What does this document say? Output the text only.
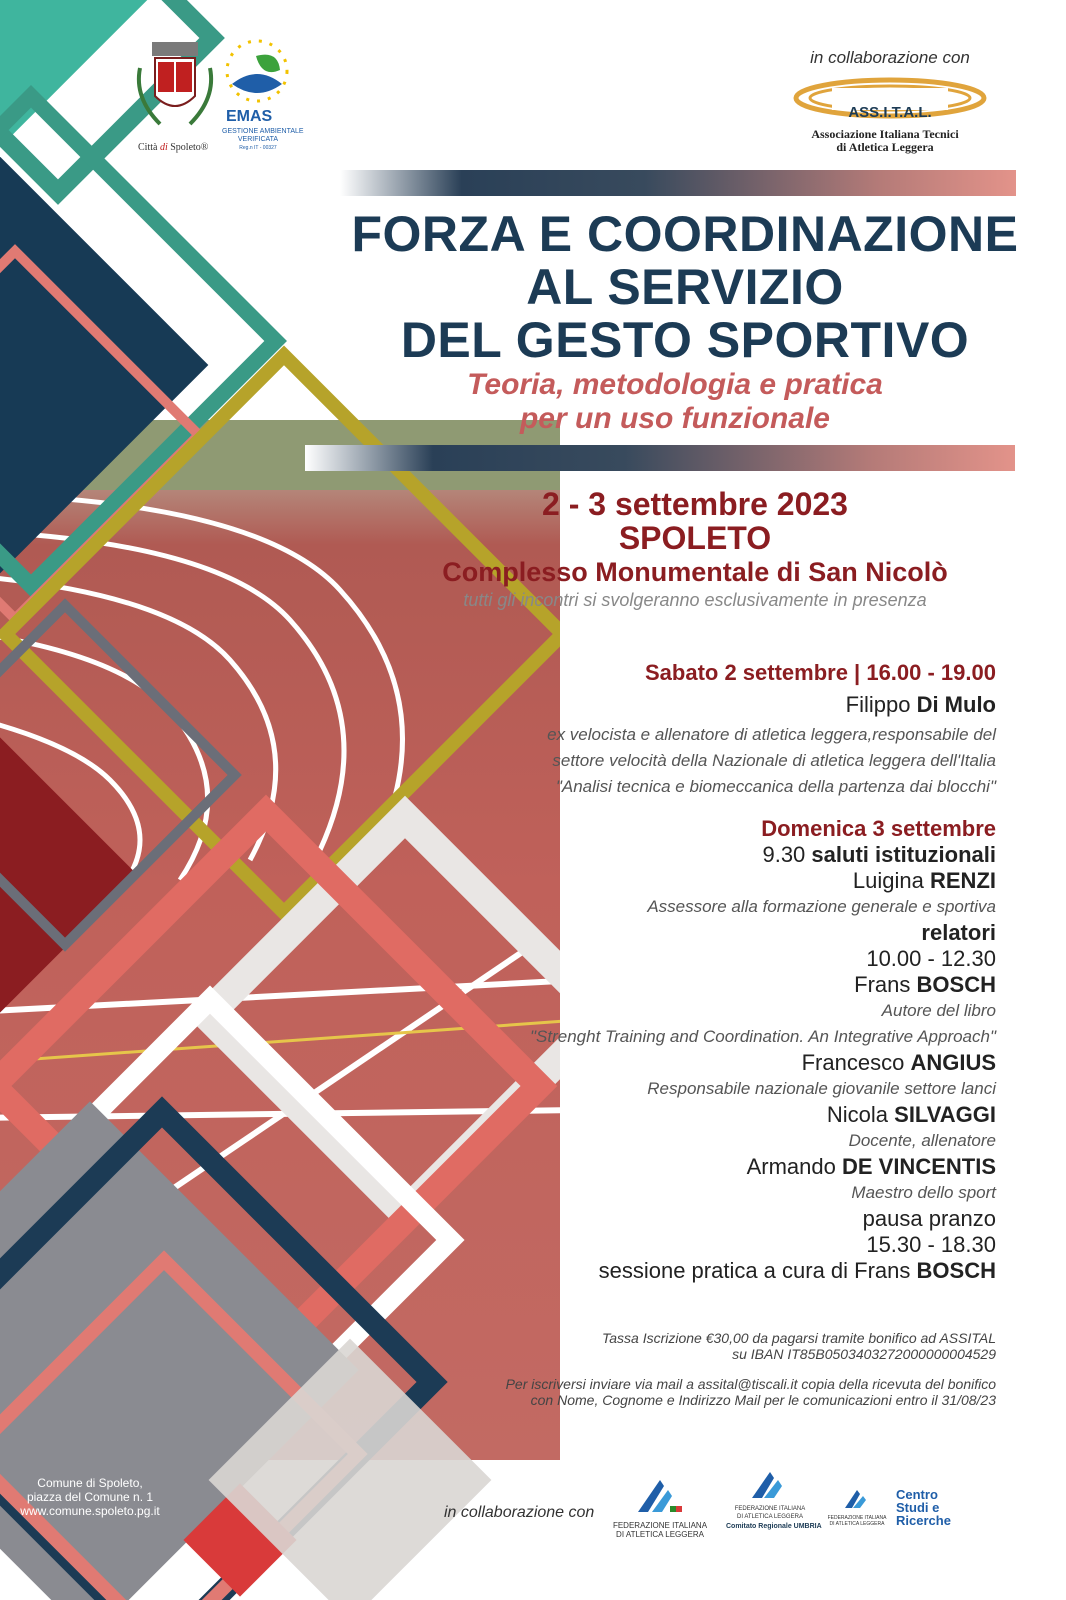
Città di Spoleto®
EMAS
GESTIONE AMBIENTALE
VERIFICATA
Reg.n IT - 00327
in collaborazione con
ASS.I.T.A.L.
Associazione Italiana Tecnici
di Atletica Leggera
FORZA E COORDINAZIONE
AL SERVIZIO
DEL GESTO SPORTIVO
Teoria, metodologia e pratica
per un uso funzionale
2 - 3 settembre 2023
SPOLETO
Complesso Monumentale di San Nicolò
tutti gli incontri si svolgeranno esclusivamente in presenza
Sabato 2 settembre | 16.00 - 19.00
Filippo Di Mulo
ex velocista e allenatore di atletica leggera,responsabile del
settore velocità della Nazionale di atletica leggera dell'Italia
"Analisi tecnica e biomeccanica della partenza dai blocchi"
Domenica 3 settembre
9.30 saluti istituzionali
Luigina RENZI
Assessore alla formazione generale e sportiva
relatori
10.00 - 12.30
Frans BOSCH
Autore del libro
"Strenght Training and Coordination. An Integrative Approach"
Francesco ANGIUS
Responsabile nazionale giovanile settore lanci
Nicola SILVAGGI
Docente, allenatore
Armando DE VINCENTIS
Maestro dello sport
pausa pranzo
15.30 - 18.30
sessione pratica a cura di Frans BOSCH
Tassa Iscrizione €30,00 da pagarsi tramite bonifico ad ASSITAL
su IBAN IT85B0503403272000000004529
Per iscriversi inviare via mail a assital@tiscali.it copia della ricevuta del bonifico
con Nome, Cognome e Indirizzo Mail per le comunicazioni entro il 31/08/23
Comune di Spoleto,
piazza del Comune n. 1
www.comune.spoleto.pg.it	in collaborazione con
FEDERAZIONE ITALIANA
DI ATLETICA LEGGERA
FEDERAZIONE ITALIANA
DI ATLETICA LEGGERA
Comitato Regionale UMBRIA
FEDERAZIONE ITALIANA
DI ATLETICA LEGGERA
Centro
Studi e
Ricerche
